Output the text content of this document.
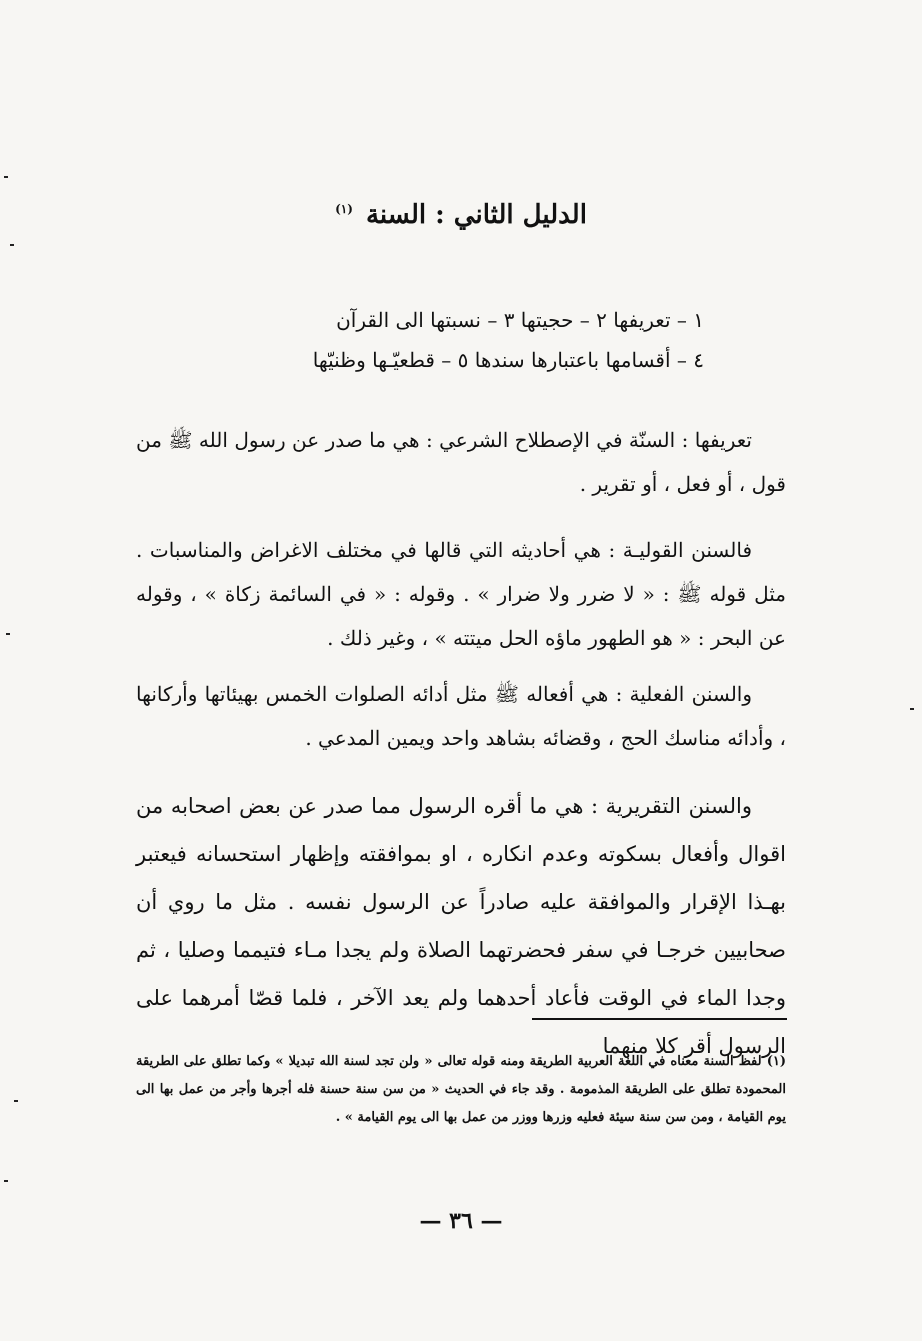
الدليل الثاني : السنة $^{(١)}$
١ – تعريفها ٢ – حجيتها ٣ – نسبتها الى القرآن
٤ – أقسامها باعتبارها سندها ٥ – قطعيّـها وظنيّها

تعريفها : السنّة في الإصطلاح الشرعي : هي ما صدر عن رسول الله ﷺ من قول ، أو فعل ، أو تقرير .

فالسنن القوليـة : هي أحاديثه التي قالها في مختلف الاغراض والمناسبات . مثل قوله ﷺ : « لا ضرر ولا ضرار » . وقوله : « في السائمة زكاة » ، وقوله عن البحر : « هو الطهور ماؤه الحل ميتته » ، وغير ذلك .

والسنن الفعلية : هي أفعاله ﷺ مثل أدائه الصلوات الخمس بهيئاتها وأركانها ، وأدائه مناسك الحج ، وقضائه بشاهد واحد ويمين المدعي .

والسنن التقريرية : هي ما أقره الرسول مما صدر عن بعض اصحابه من اقوال وأفعال بسكوته وعدم انكاره ، او بموافقته وإظهار استحسانه فيعتبر بهـذا الإقرار والموافقة عليه صادراً عن الرسول نفسه . مثل ما روي أن صحابيين خرجـا في سفر فحضرتهما الصلاة ولم يجدا مـاء فتيمما وصليا ، ثم وجدا الماء في الوقت فأعاد أحدهما ولم يعد الآخر ، فلما قصّا أمرهما على الرسول أقر كلا منهما

(١) لفظ السنة معناه في اللغة العربية الطريقة ومنه قوله تعالى « ولن تجد لسنة الله تبديلا » وكما تطلق على الطريقة المحمودة تطلق على الطريقة المذمومة . وقد جاء في الحديث « من سن سنة حسنة فله أجرها وأجر من عمل بها الى يوم القيامة ، ومن سن سنة سيئة فعليه وزرها ووزر من عمل بها الى يوم القيامة » .

— ٣٦ —
